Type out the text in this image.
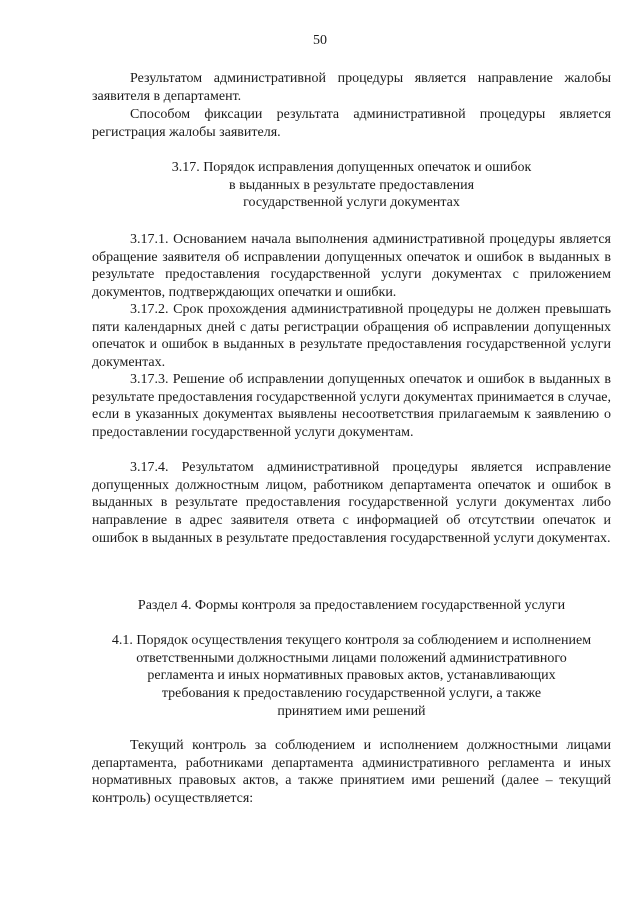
50

Результатом административной процедуры является направление жалобы заявителя в департамент.

Способом фиксации результата административной процедуры является регистрация жалобы заявителя.

3.17. Порядок исправления допущенных опечаток и ошибок
в выданных в результате предоставления
государственной услуги документах

3.17.1. Основанием начала выполнения административной процедуры является обращение заявителя об исправлении допущенных опечаток и ошибок в выданных в результате предоставления государственной услуги документах с приложением документов, подтверждающих опечатки и ошибки.

3.17.2. Срок прохождения административной процедуры не должен превышать пяти календарных дней с даты регистрации обращения об исправлении допущенных опечаток и ошибок в выданных в результате предоставления государственной услуги документах.

3.17.3. Решение об исправлении допущенных опечаток и ошибок в выданных в результате предоставления государственной услуги документах принимается в случае, если в указанных документах выявлены несоответствия прилагаемым к заявлению о предоставлении государственной услуги документам.

3.17.4. Результатом административной процедуры является исправление допущенных должностным лицом, работником департамента опечаток и ошибок в выданных в результате предоставления государственной услуги документах либо направление в адрес заявителя ответа с информацией об отсутствии опечаток и ошибок в выданных в результате предоставления государственной услуги документах.

Раздел 4. Формы контроля за предоставлением государственной услуги
4.1. Порядок осуществления текущего контроля за соблюдением и исполнением
ответственными должностными лицами положений административного
регламента и иных нормативных правовых актов, устанавливающих
требования к предоставлению государственной услуги, а также
принятием ими решений

Текущий контроль за соблюдением и исполнением должностными лицами департамента, работниками департамента административного регламента и иных нормативных правовых актов, а также принятием ими решений (далее – текущий контроль) осуществляется:
